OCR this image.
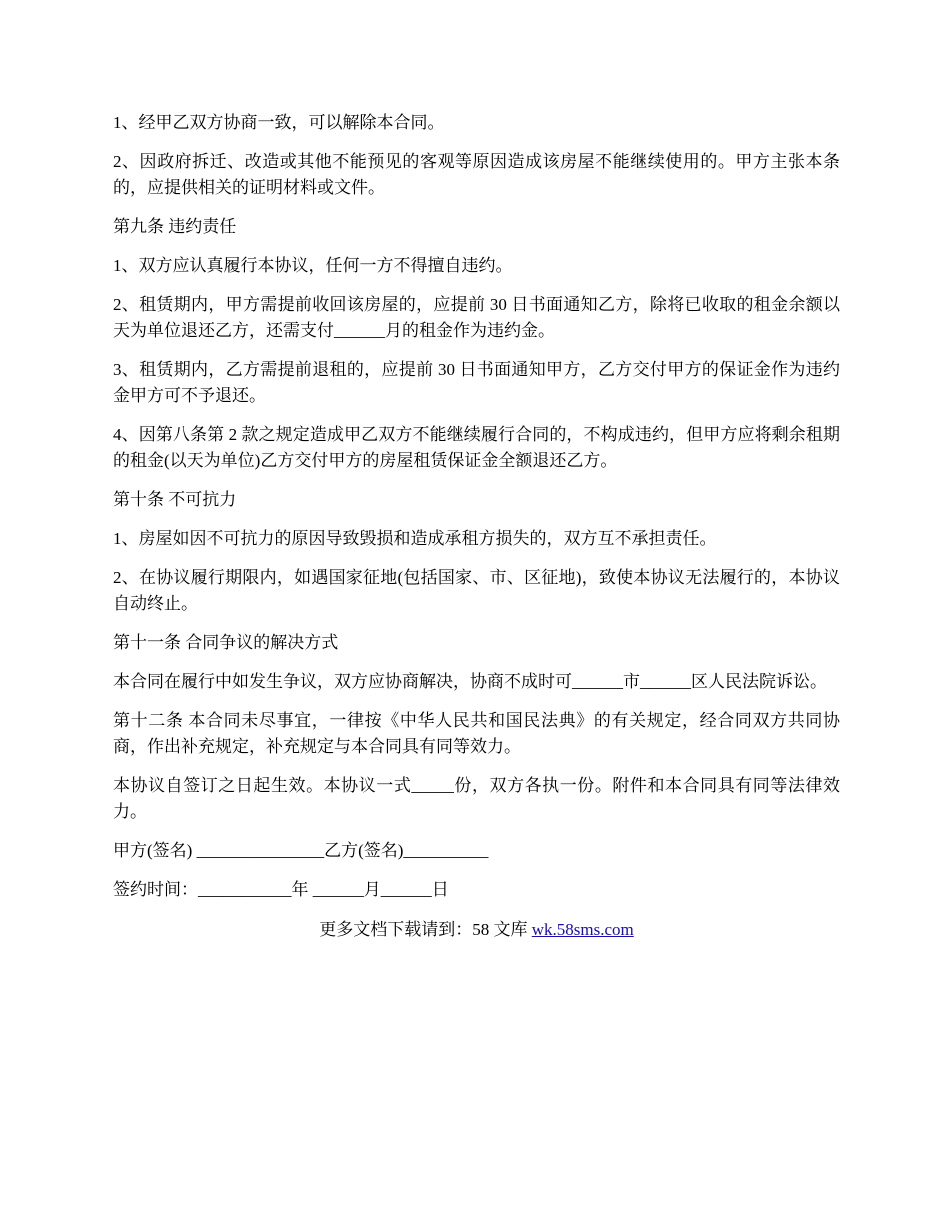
1、经甲乙双方协商一致，可以解除本合同。

2、因政府拆迁、改造或其他不能预见的客观等原因造成该房屋不能继续使用的。甲方主张本条的，应提供相关的证明材料或文件。

第九条 违约责任

1、双方应认真履行本协议，任何一方不得擅自违约。

2、租赁期内，甲方需提前收回该房屋的，应提前 30 日书面通知乙方，除将已收取的租金余额以天为单位退还乙方，还需支付______月的租金作为违约金。

3、租赁期内，乙方需提前退租的，应提前 30 日书面通知甲方，乙方交付甲方的保证金作为违约金甲方可不予退还。

4、因第八条第 2 款之规定造成甲乙双方不能继续履行合同的，不构成违约，但甲方应将剩余租期的租金(以天为单位)乙方交付甲方的房屋租赁保证金全额退还乙方。

第十条 不可抗力

1、房屋如因不可抗力的原因导致毁损和造成承租方损失的，双方互不承担责任。

2、在协议履行期限内，如遇国家征地(包括国家、市、区征地)，致使本协议无法履行的，本协议自动终止。

第十一条 合同争议的解决方式

本合同在履行中如发生争议，双方应协商解决，协商不成时可______市______区人民法院诉讼。

第十二条 本合同未尽事宜，一律按《中华人民共和国民法典》的有关规定，经合同双方共同协商，作出补充规定，补充规定与本合同具有同等效力。

本协议自签订之日起生效。本协议一式_____份，双方各执一份。附件和本合同具有同等法律效力。

甲方(签名) _______________乙方(签名)__________

签约时间：___________年 ______月______日

更多文档下载请到：58 文库 wk.58sms.com
